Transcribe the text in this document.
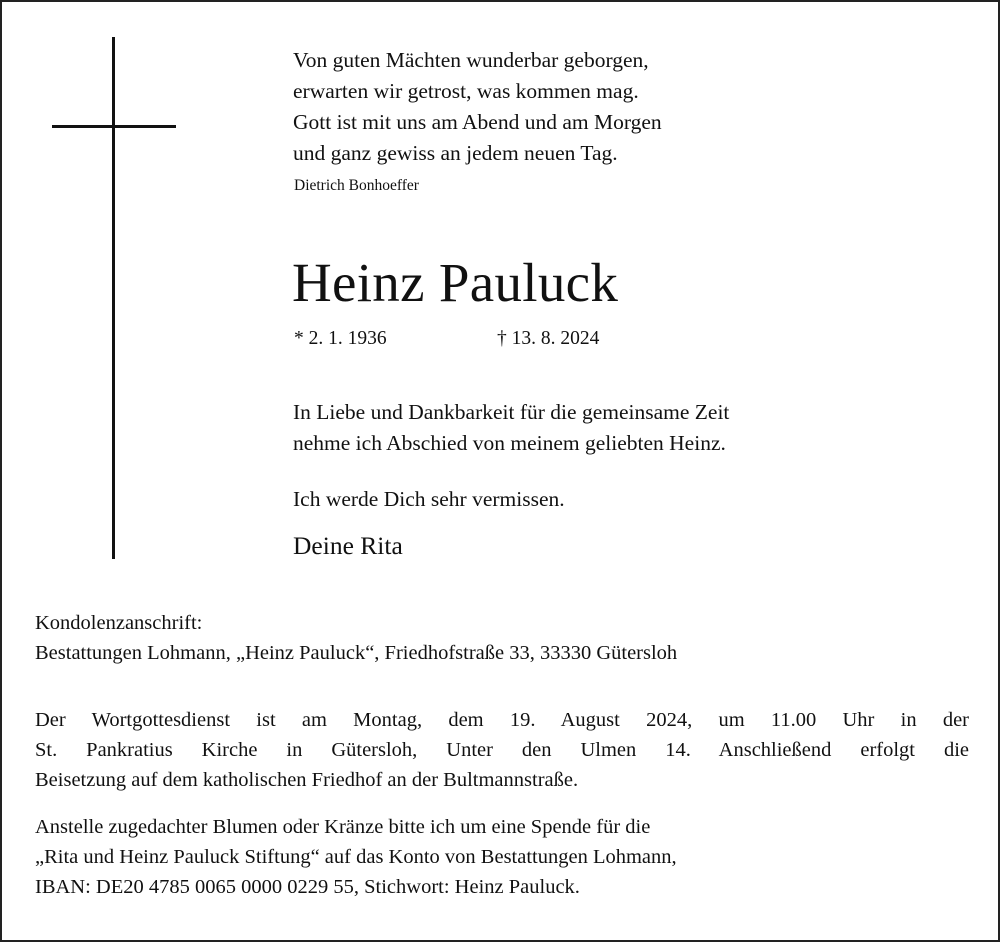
Von guten Mächten wunderbar geborgen,
erwarten wir getrost, was kommen mag.
Gott ist mit uns am Abend und am Morgen
und ganz gewiss an jedem neuen Tag.
Dietrich Bonhoeffer
Heinz Pauluck
* 2. 1. 1936	† 13. 8. 2024
In Liebe und Dankbarkeit für die gemeinsame Zeit
nehme ich Abschied von meinem geliebten Heinz.
Ich werde Dich sehr vermissen.
Deine Rita
Kondolenzanschrift:
Bestattungen Lohmann, „Heinz Pauluck“, Friedhofstraße 33, 33330 Gütersloh
Der Wortgottesdienst ist am Montag, dem 19. August 2024, um 11.00 Uhr in der
St. Pankratius Kirche in Gütersloh, Unter den Ulmen 14. Anschließend erfolgt die
Beisetzung auf dem katholischen Friedhof an der Bultmannstraße.
Anstelle zugedachter Blumen oder Kränze bitte ich um eine Spende für die
„Rita und Heinz Pauluck Stiftung“ auf das Konto von Bestattungen Lohmann,
IBAN: DE20 4785 0065 0000 0229 55, Stichwort: Heinz Pauluck.
